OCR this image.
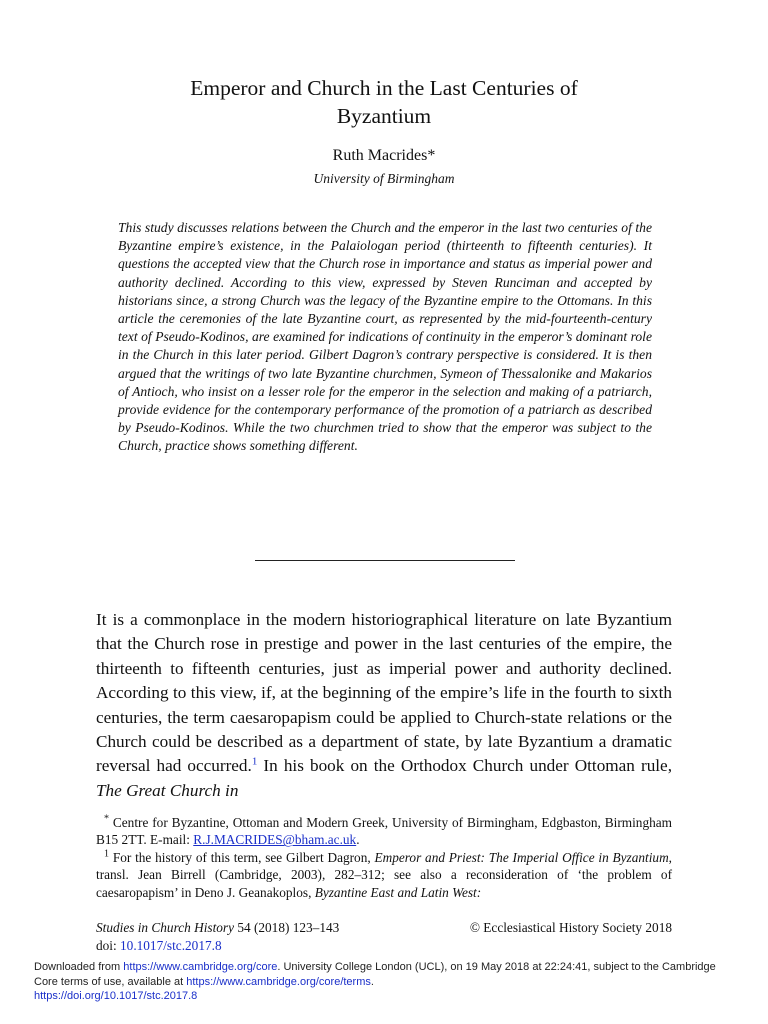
Emperor and Church in the Last Centuries of
Byzantium
Ruth Macrides*
University of Birmingham

This study discusses relations between the Church and the emperor in the last two centuries of the Byzantine empire’s existence, in the Palaiologan period (thirteenth to fifteenth centuries). It questions the accepted view that the Church rose in importance and status as imperial power and authority declined. According to this view, expressed by Steven Runciman and accepted by historians since, a strong Church was the legacy of the Byzantine empire to the Ottomans. In this article the ceremonies of the late Byzantine court, as represented by the mid-fourteenth-century text of Pseudo-Kodinos, are examined for indications of continuity in the emperor’s dominant role in the Church in this later period. Gilbert Dagron’s contrary perspective is considered. It is then argued that the writings of two late Byzantine churchmen, Symeon of Thessalonike and Makarios of Antioch, who insist on a lesser role for the emperor in the selection and making of a patriarch, provide evidence for the contemporary performance of the promotion of a patriarch as described by Pseudo-Kodinos. While the two churchmen tried to show that the emperor was subject to the Church, practice shows something different.

It is a commonplace in the modern historiographical literature on late Byzantium that the Church rose in prestige and power in the last centuries of the empire, the thirteenth to fifteenth centuries, just as imperial power and authority declined. According to this view, if, at the beginning of the empire’s life in the fourth to sixth centuries, the term caesaropapism could be applied to Church-state relations or the Church could be described as a department of state, by late Byzantium a dramatic reversal had occurred.$^1$ In his book on the Orthodox Church under Ottoman rule, The Great Church in

* Centre for Byzantine, Ottoman and Modern Greek, University of Birmingham, Edgbaston, Birmingham B15 2TT. E-mail: R.J.MACRIDES@bham.ac.uk.

$^1$ For the history of this term, see Gilbert Dagron, Emperor and Priest: The Imperial Office in Byzantium, transl. Jean Birrell (Cambridge, 2003), 282–312; see also a reconsideration of ‘the problem of caesaropapism’ in Deno J. Geanakoplos, Byzantine East and Latin West:

Studies in Church History 54 (2018) 123–143	© Ecclesiastical History Society 2018
doi: 10.1017/stc.2017.8
Downloaded from https://www.cambridge.org/core. University College London (UCL), on 19 May 2018 at 22:24:41, subject to the Cambridge Core terms of use, available at https://www.cambridge.org/core/terms.
https://doi.org/10.1017/stc.2017.8
